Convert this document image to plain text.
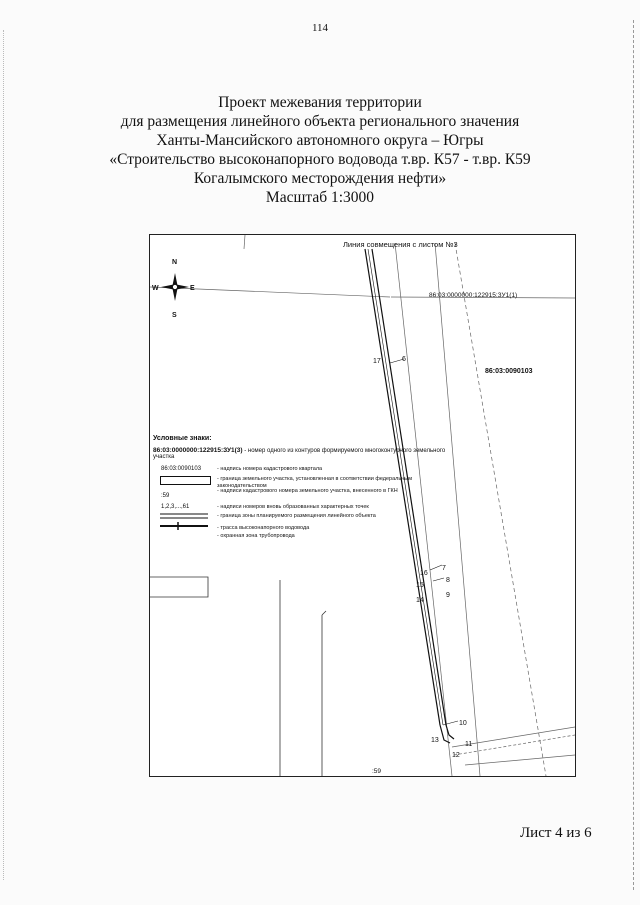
114
Проект межевания территории
для размещения линейного объекта регионального значения
Ханты-Мансийского автономного округа – Югры
«Строительство высоконапорного водовода т.вр. К57 - т.вр. К59
Когалымского месторождения нефти»
Масштаб 1:3000
N
S
W	E
Линия совмещения с листом №3
86:03:0000000:122915:ЗУ1(1)
86:03:0090103
:59
17	6
7
16
8
15
14
9
10
13
11
12
Условные знаки:
86:03:0000000:122915:ЗУ1(3) - номер одного из контуров формируемого многоконтурного земельного участка
86:03:0090103	- надпись номера кадастрового квартала
- граница земельного участка, установленная в соответствии федеральным законодательством
:59
- надписи кадастрового номера земельного участка, внесенного в ГКН
1,2,3,...,61	- надписи номеров вновь образованных характерных точек
- граница зоны планируемого размещения линейного объекта
- трасса высоконапорного водовода
- охранная зона трубопровода
Лист 4 из 6
